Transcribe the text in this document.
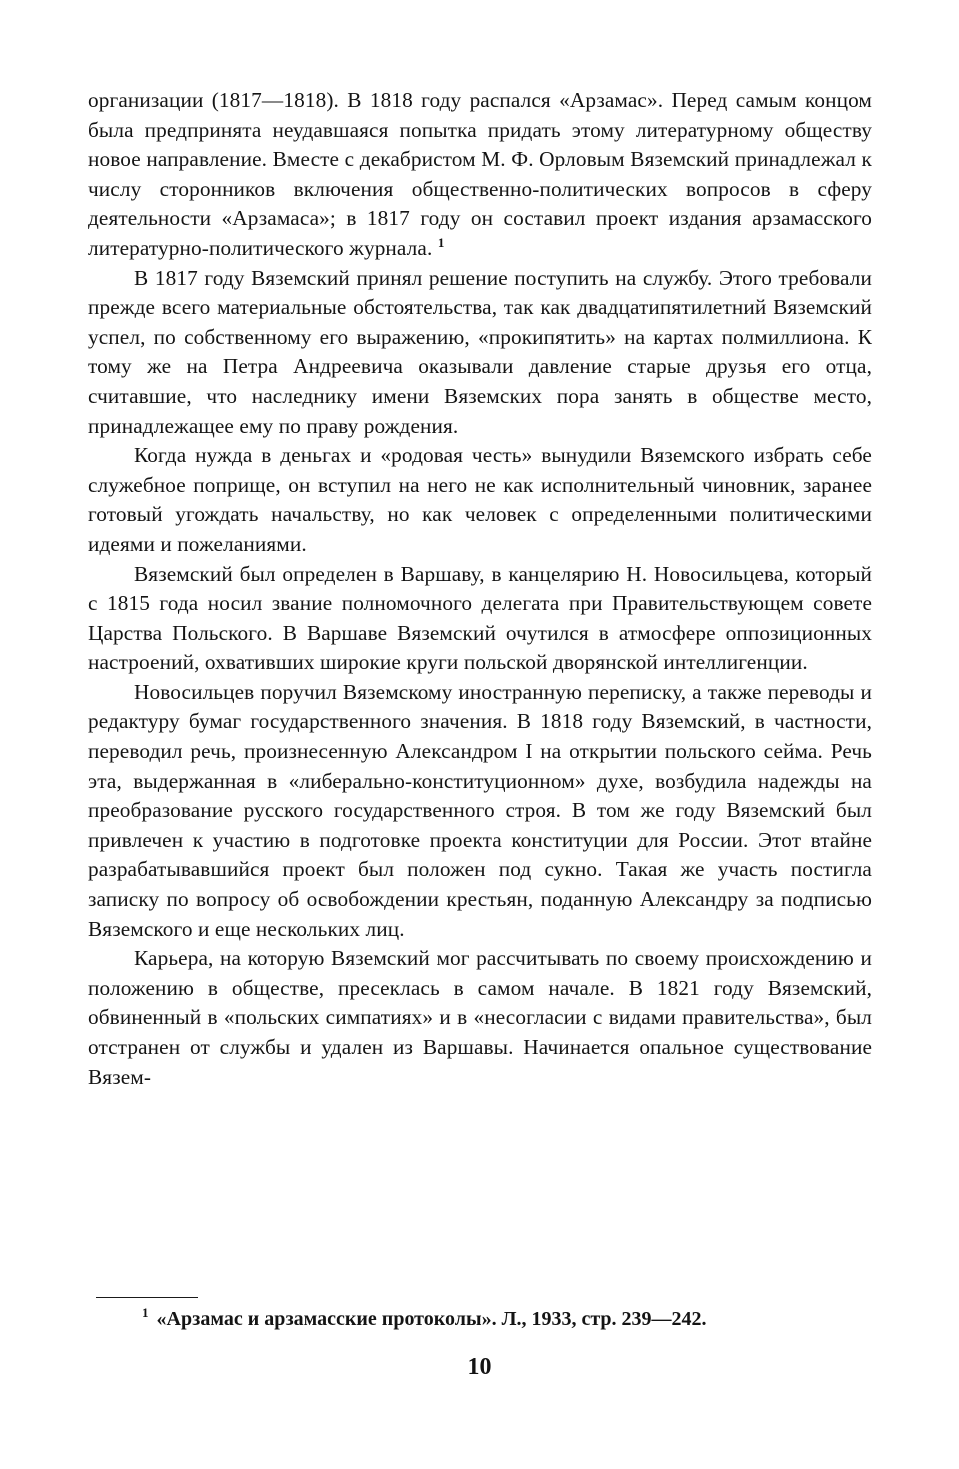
организации (1817—1818). В 1818 году распался «Арзамас». Перед самым концом была предпринята неудавшаяся попытка придать этому литературному обществу новое направление. Вместе с декабристом М. Ф. Орловым Вяземский принадлежал к числу сторонников включения общественно-политических вопросов в сферу деятельности «Арзамаса»; в 1817 году он составил проект издания арзамасского литературно-политического журнала. $^1$

В 1817 году Вяземский принял решение поступить на службу. Этого требовали прежде всего материальные обстоятельства, так как двадцатипятилетний Вяземский успел, по собственному его выражению, «прокипятить» на картах полмиллиона. К тому же на Петра Андреевича оказывали давление старые друзья его отца, считавшие, что наследнику имени Вяземских пора занять в обществе место, принадлежащее ему по праву рождения.

Когда нужда в деньгах и «родовая честь» вынудили Вяземского избрать себе служебное поприще, он вступил на него не как исполнительный чиновник, заранее готовый угождать начальству, но как человек с определенными политическими идеями и пожеланиями.

Вяземский был определен в Варшаву, в канцелярию Н. Новосильцева, который с 1815 года носил звание полномочного делегата при Правительствующем совете Царства Польского. В Варшаве Вяземский очутился в атмосфере оппозиционных настроений, охвативших широкие круги польской дворянской интеллигенции.

Новосильцев поручил Вяземскому иностранную переписку, а также переводы и редактуру бумаг государственного значения. В 1818 году Вяземский, в частности, переводил речь, произнесенную Александром I на открытии польского сейма. Речь эта, выдержанная в «либерально-конституционном» духе, возбудила надежды на преобразование русского государственного строя. В том же году Вяземский был привлечен к участию в подготовке проекта конституции для России. Этот втайне разрабатывавшийся проект был положен под сукно. Такая же участь постигла записку по вопросу об освобождении крестьян, поданную Александру за подписью Вяземского и еще нескольких лиц.

Карьера, на которую Вяземский мог рассчитывать по своему происхождению и положению в обществе, пресеклась в самом начале. В 1821 году Вяземский, обвиненный в «польских симпатиях» и в «несогласии с видами правительства», был отстранен от службы и удален из Варшавы. Начинается опальное существование Вязем-

$^1$ «Арзамас и арзамасские протоколы». Л., 1933, стр. 239—242.
10
